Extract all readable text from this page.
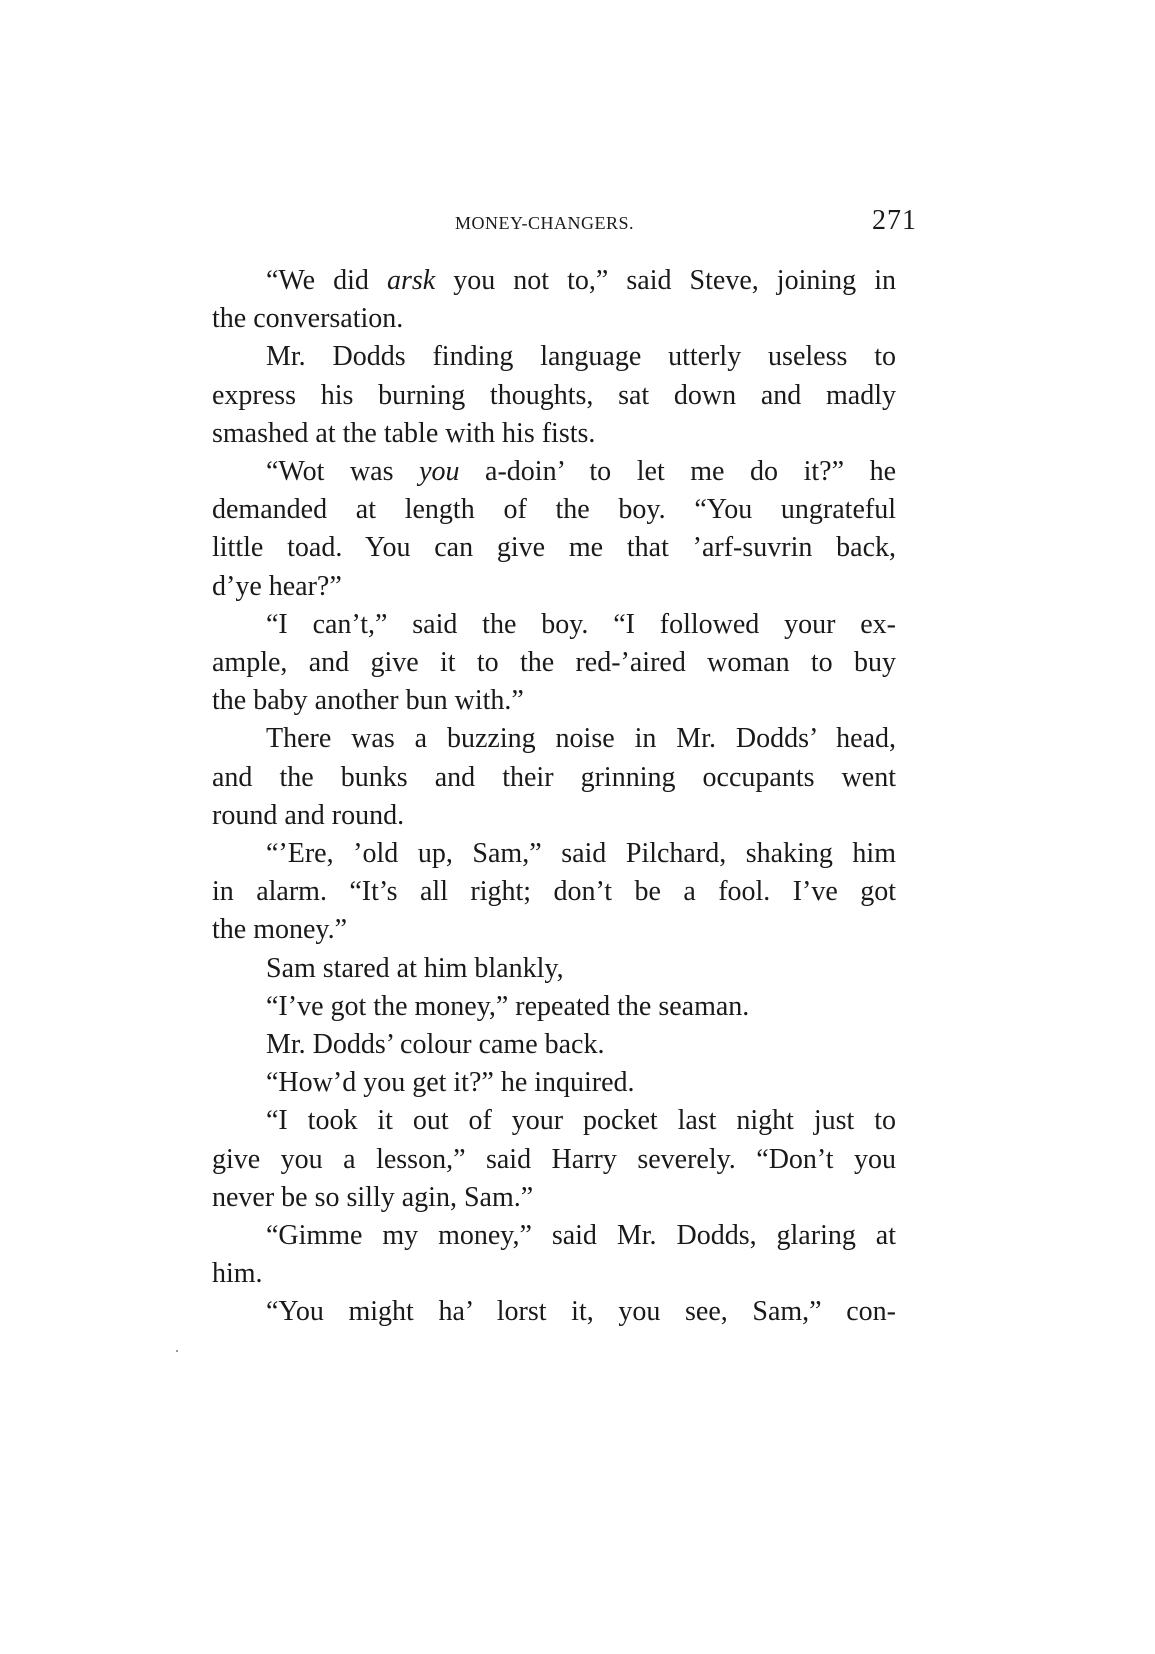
MONEY-CHANGERS.	271
“We did arsk you not to,” said Steve, joining in
the conversation.
Mr. Dodds finding language utterly useless to
express his burning thoughts, sat down and madly
smashed at the table with his fists.
“Wot was you a-doin’ to let me do it?” he
demanded at length of the boy. “You ungrateful
little toad. You can give me that ’arf-suvrin back,
d’ye hear?”
“I can’t,” said the boy. “I followed your ex-
ample, and give it to the red-’aired woman to buy
the baby another bun with.”
There was a buzzing noise in Mr. Dodds’ head,
and the bunks and their grinning occupants went
round and round.
“’Ere, ’old up, Sam,” said Pilchard, shaking him
in alarm. “It’s all right; don’t be a fool. I’ve got
the money.”
Sam stared at him blankly,
“I’ve got the money,” repeated the seaman.
Mr. Dodds’ colour came back.
“How’d you get it?” he inquired.
“I took it out of your pocket last night just to
give you a lesson,” said Harry severely. “Don’t you
never be so silly agin, Sam.”
“Gimme my money,” said Mr. Dodds, glaring at
him.
“You might ha’ lorst it, you see, Sam,” con-
